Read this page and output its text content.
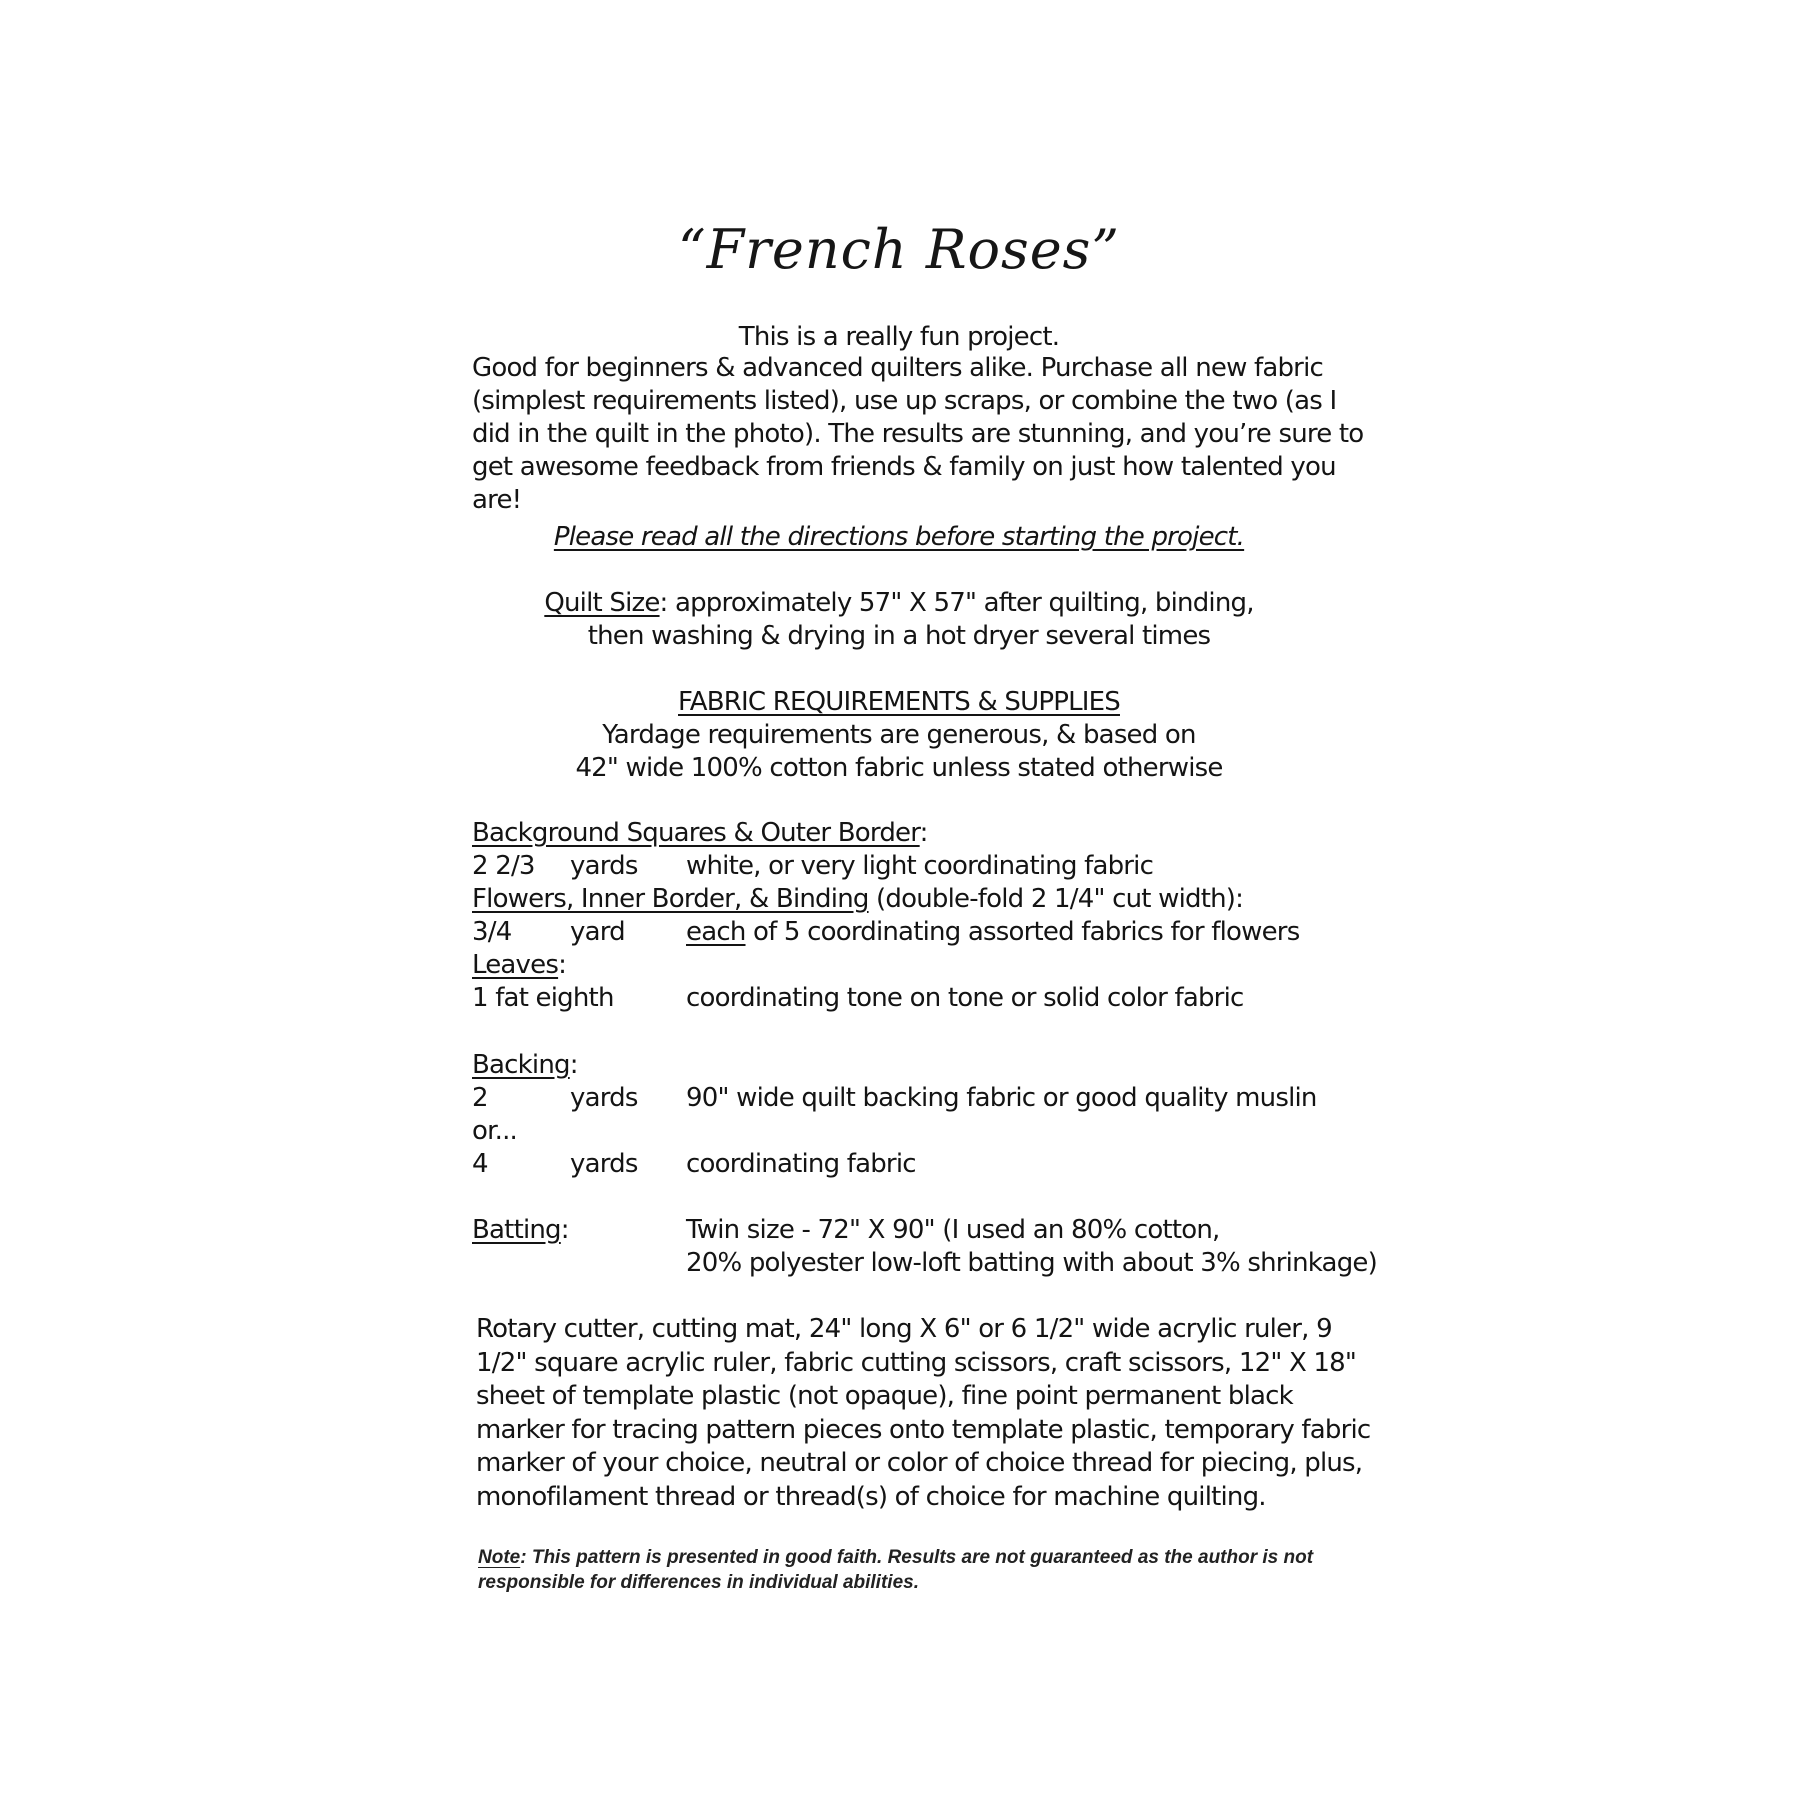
“French Roses”
This is a really fun project.
Good for beginners & advanced quilters alike. Purchase all new fabric (simplest requirements listed), use up scraps, or combine the two (as I did in the quilt in the photo). The results are stunning, and you’re sure to get awesome feedback from friends & family on just how talented you are!
Please read all the directions before starting the project.
Quilt Size: approximately 57" X 57" after quilting, binding,
then washing & drying in a hot dryer several times
FABRIC REQUIREMENTS & SUPPLIES
Yardage requirements are generous, & based on
42" wide 100% cotton fabric unless stated otherwise
Background Squares & Outer Border:
2 2/3 yards white, or very light coordinating fabric
Flowers, Inner Border, & Binding (double-fold 2 1/4" cut width):
3/4 yard each of 5 coordinating assorted fabrics for flowers
Leaves:
1 fat eighth	coordinating tone on tone or solid color fabric
Backing:
2	yards 90" wide quilt backing fabric or good quality muslin
or...
4	yards coordinating fabric
Batting:	Twin size - 72" X 90" (I used an 80% cotton,
20% polyester low-loft batting with about 3% shrinkage)
Rotary cutter, cutting mat, 24" long X 6" or 6 1/2" wide acrylic ruler, 9 1/2" square acrylic ruler, fabric cutting scissors, craft scissors, 12" X 18" sheet of template plastic (not opaque), fine point permanent black marker for tracing pattern pieces onto template plastic, temporary fabric marker of your choice, neutral or color of choice thread for piecing, plus, monofilament thread or thread(s) of choice for machine quilting.
Note: This pattern is presented in good faith. Results are not guaranteed as the author is not responsible for differences in individual abilities.
